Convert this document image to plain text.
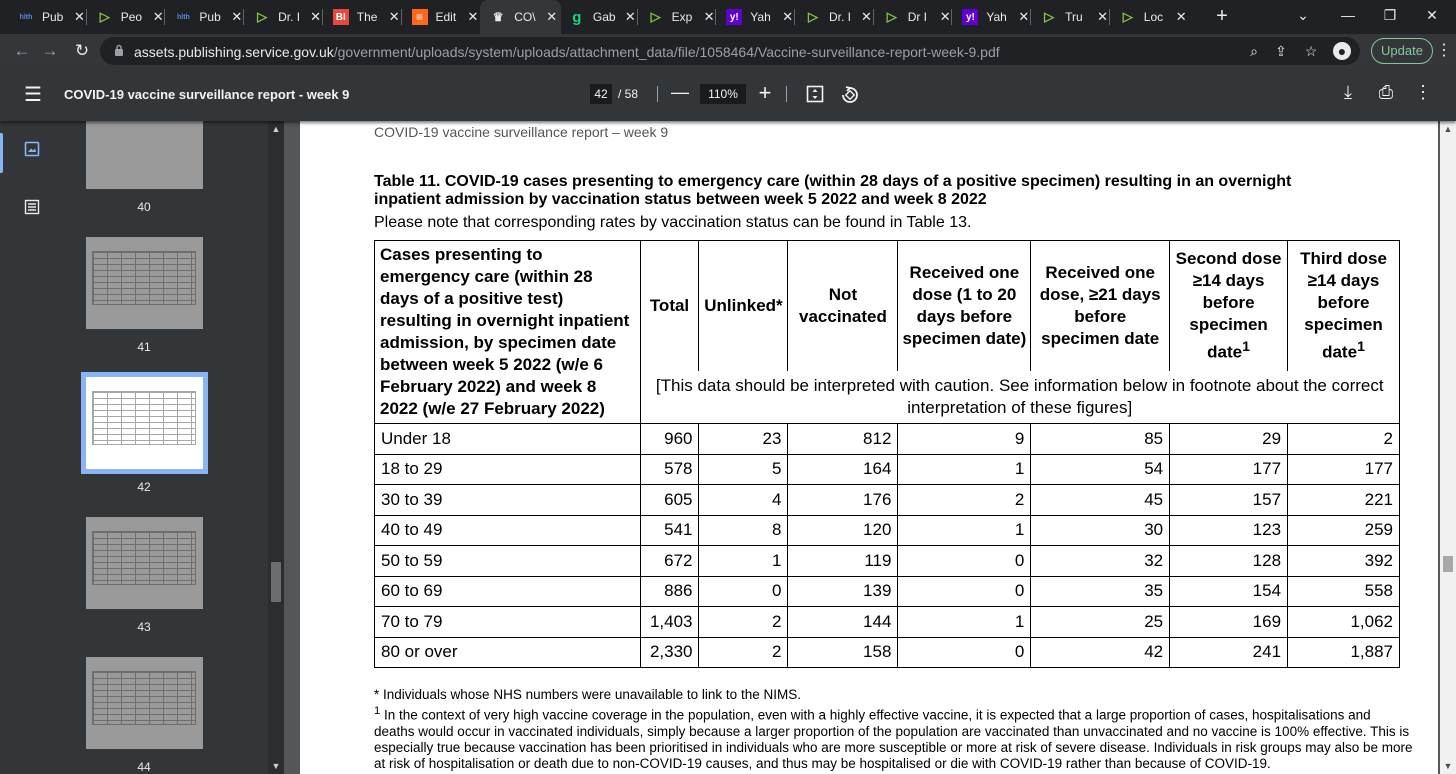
hlth Pub ✕ ▷ Peo ✕ hlth Pub ✕ ▷ Dr. I ✕	BI The ✕	≡	Edit ✕ ♛ CO\ ✕ g Gab ✕ ▷ Exp ✕	y! Yah ✕ ▷ Dr. I ✕ ▷ Dr I ✕	y! Yah ✕ ▷ Tru	✕ ▷ Loc ✕	+	⌄	—	❐	✕
← → ↻	assets.publishing.service.gov.uk/government/uploads/system/uploads/attachment_data/file/1058464/Vaccine-surveillance-report-week-9.pdf	⌕	⇪ ☆	●	Update ⋮
☰ COVID-19 vaccine surveillance report - week 9	42 / 58 —	110% +	⤓	⎙ ⋮
40
41
42
43
44
▲
▼
COVID-19 vaccine surveillance report – week 9
Table 11. COVID-19 cases presenting to emergency care (within 28 days of a positive specimen) resulting in an overnight
inpatient admission by vaccination status between week 5 2022 and week 8 2022
Please note that corresponding rates by vaccination status can be found in Table 13.
Cases presenting to emergency care (within 28 days of a positive test) resulting in overnight inpatient admission, by specimen date between week 5 2022 (w/e 6 February 2022) and week 8 2022 (w/e 27 February 2022)	Total	Unlinked*	Not vaccinated	Received one dose (1 to 20 days before specimen date)	Received one dose, ≥21 days before specimen date	Second dose ≥14 days before specimen date$^1$	Third dose ≥14 days before specimen date$^1$
	[This data should be interpreted with caution. See information below in footnote about the correct interpretation of these figures]						
Under 18	960	23	812	9	85	29	2
18 to 29	578	5	164	1	54	177	177
30 to 39	605	4	176	2	45	157	221
40 to 49	541	8	120	1	30	123	259
50 to 59	672	1	119	0	32	128	392
60 to 69	886	0	139	0	35	154	558
70 to 79	1,403	2	144	1	25	169	1,062
80 or over	2,330	2	158	0	42	241	1,887
* Individuals whose NHS numbers were unavailable to link to the NIMS.
$^1$ In the context of very high vaccine coverage in the population, even with a highly effective vaccine, it is expected that a large proportion of cases, hospitalisations and deaths would occur in vaccinated individuals, simply because a larger proportion of the population are vaccinated than unvaccinated and no vaccine is 100% effective. This is especially true because vaccination has been prioritised in individuals who are more susceptible or more at risk of severe disease. Individuals in risk groups may also be more at risk of hospitalisation or death due to non-COVID-19 causes, and thus may be hospitalised or die with COVID-19 rather than because of COVID-19.
▲
▼
